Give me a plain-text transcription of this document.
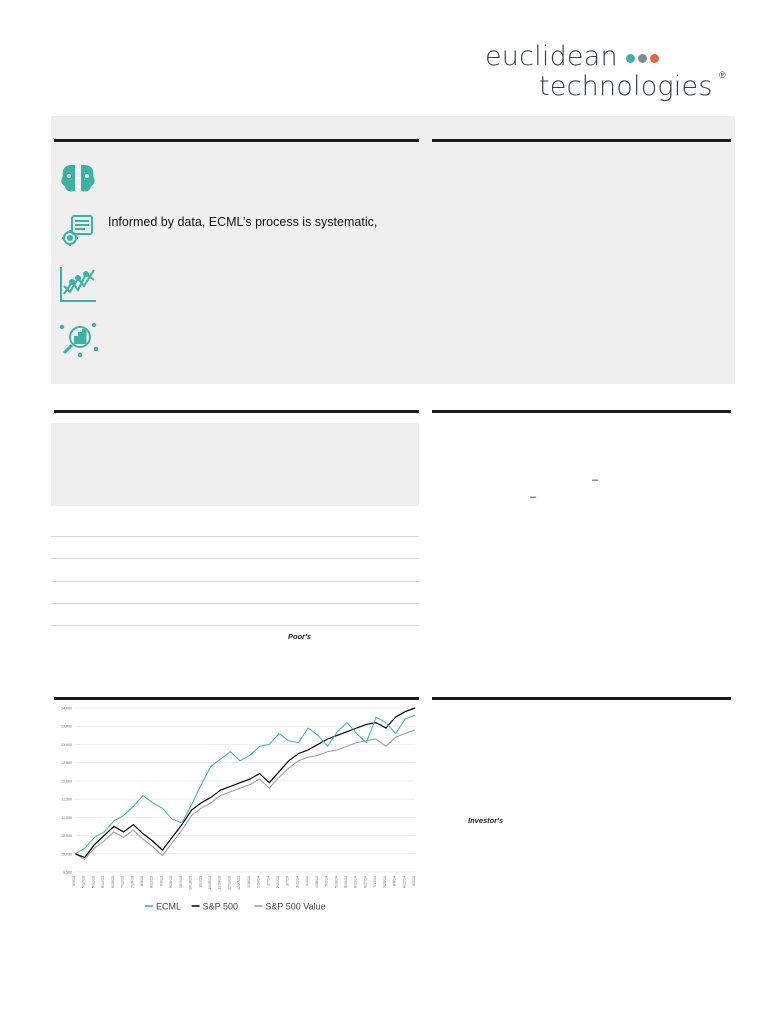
euclidean
technologies ®
Informed by data, ECML’s process is systematic,
Poor's
–
–
Investor's
9,500
10,000
10,500
11,000
11,500
12,000
12,500
13,000
13,500
14,000
5/3/13 5/17/13 5/31/13 6/14/13 6/28/13 7/12/13 7/26/13 8/9/13 8/23/13 9/6/13 9/20/13 10/4/13 10/18/13 11/1/13 11/15/13 11/29/13 12/13/13 12/27/13 1/10/14 1/24/14 2/7/14 2/21/14 3/7/14 3/21/14 4/4/14 4/18/14 5/2/14 5/16/14 5/30/14 6/13/14 6/27/14 7/11/14 7/25/14 8/8/14 8/22/14 9/5/14
ECML S&P 500	S&P 500 Value
